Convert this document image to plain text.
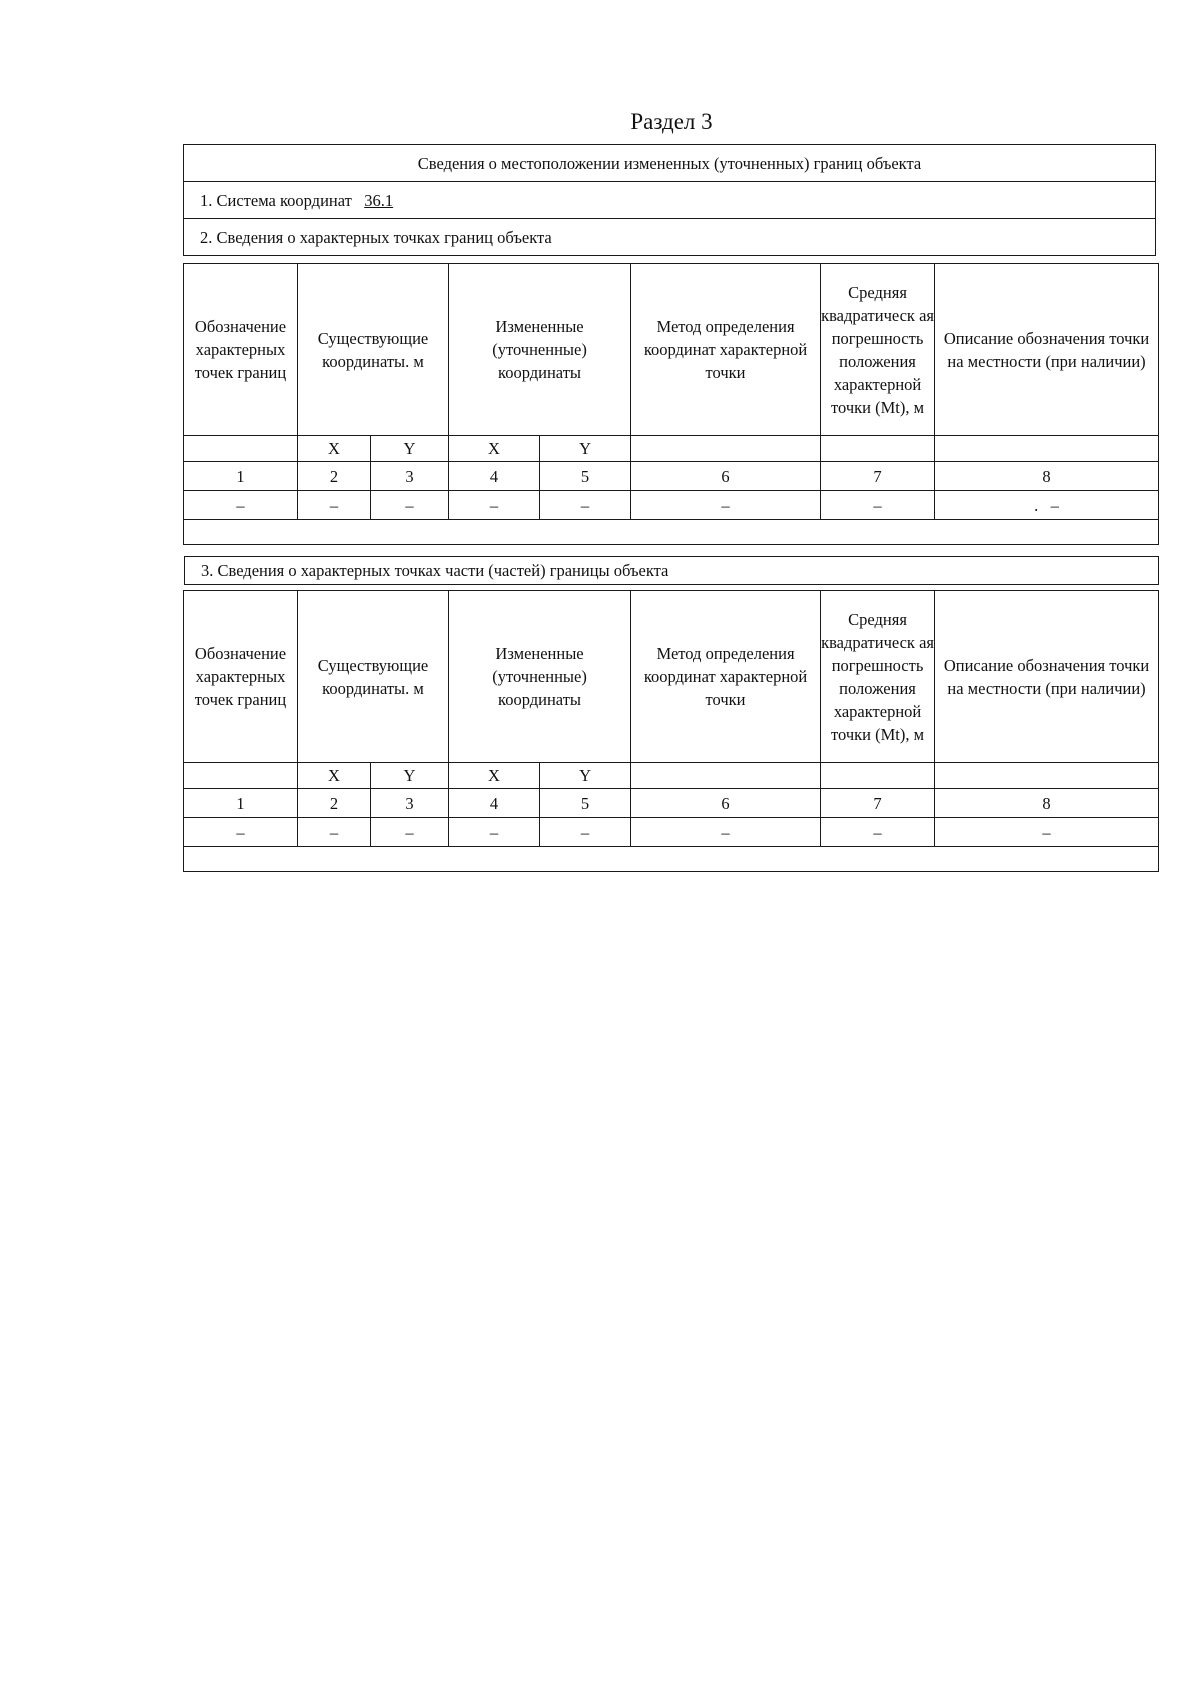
Раздел 3
Сведения о местоположении измененных (уточненных) границ объекта
1. Система координат 36.1
2. Сведения о характерных точках границ объекта
Обозначение характерных точек границ	Существующие координаты. м		Измененные (уточненные) координаты		Метод определения координат характерной точки	Средняя квадратическ ая погрешность положения характерной точки (Mt), м	Описание обозначения точки на местности (при наличии)
	X	Y	X	Y			
1	2	3	4	5	6	7	8
–	–	–	–	–	–	–	.   –

3. Сведения о характерных точках части (частей) границы объекта
Обозначение характерных точек границ	Существующие координаты. м		Измененные (уточненные) координаты		Метод определения координат характерной точки	Средняя квадратическ ая погрешность положения характерной точки (Mt), м	Описание обозначения точки на местности (при наличии)
	X	Y	X	Y			
1	2	3	4	5	6	7	8
–	–	–	–	–	–	–	–
